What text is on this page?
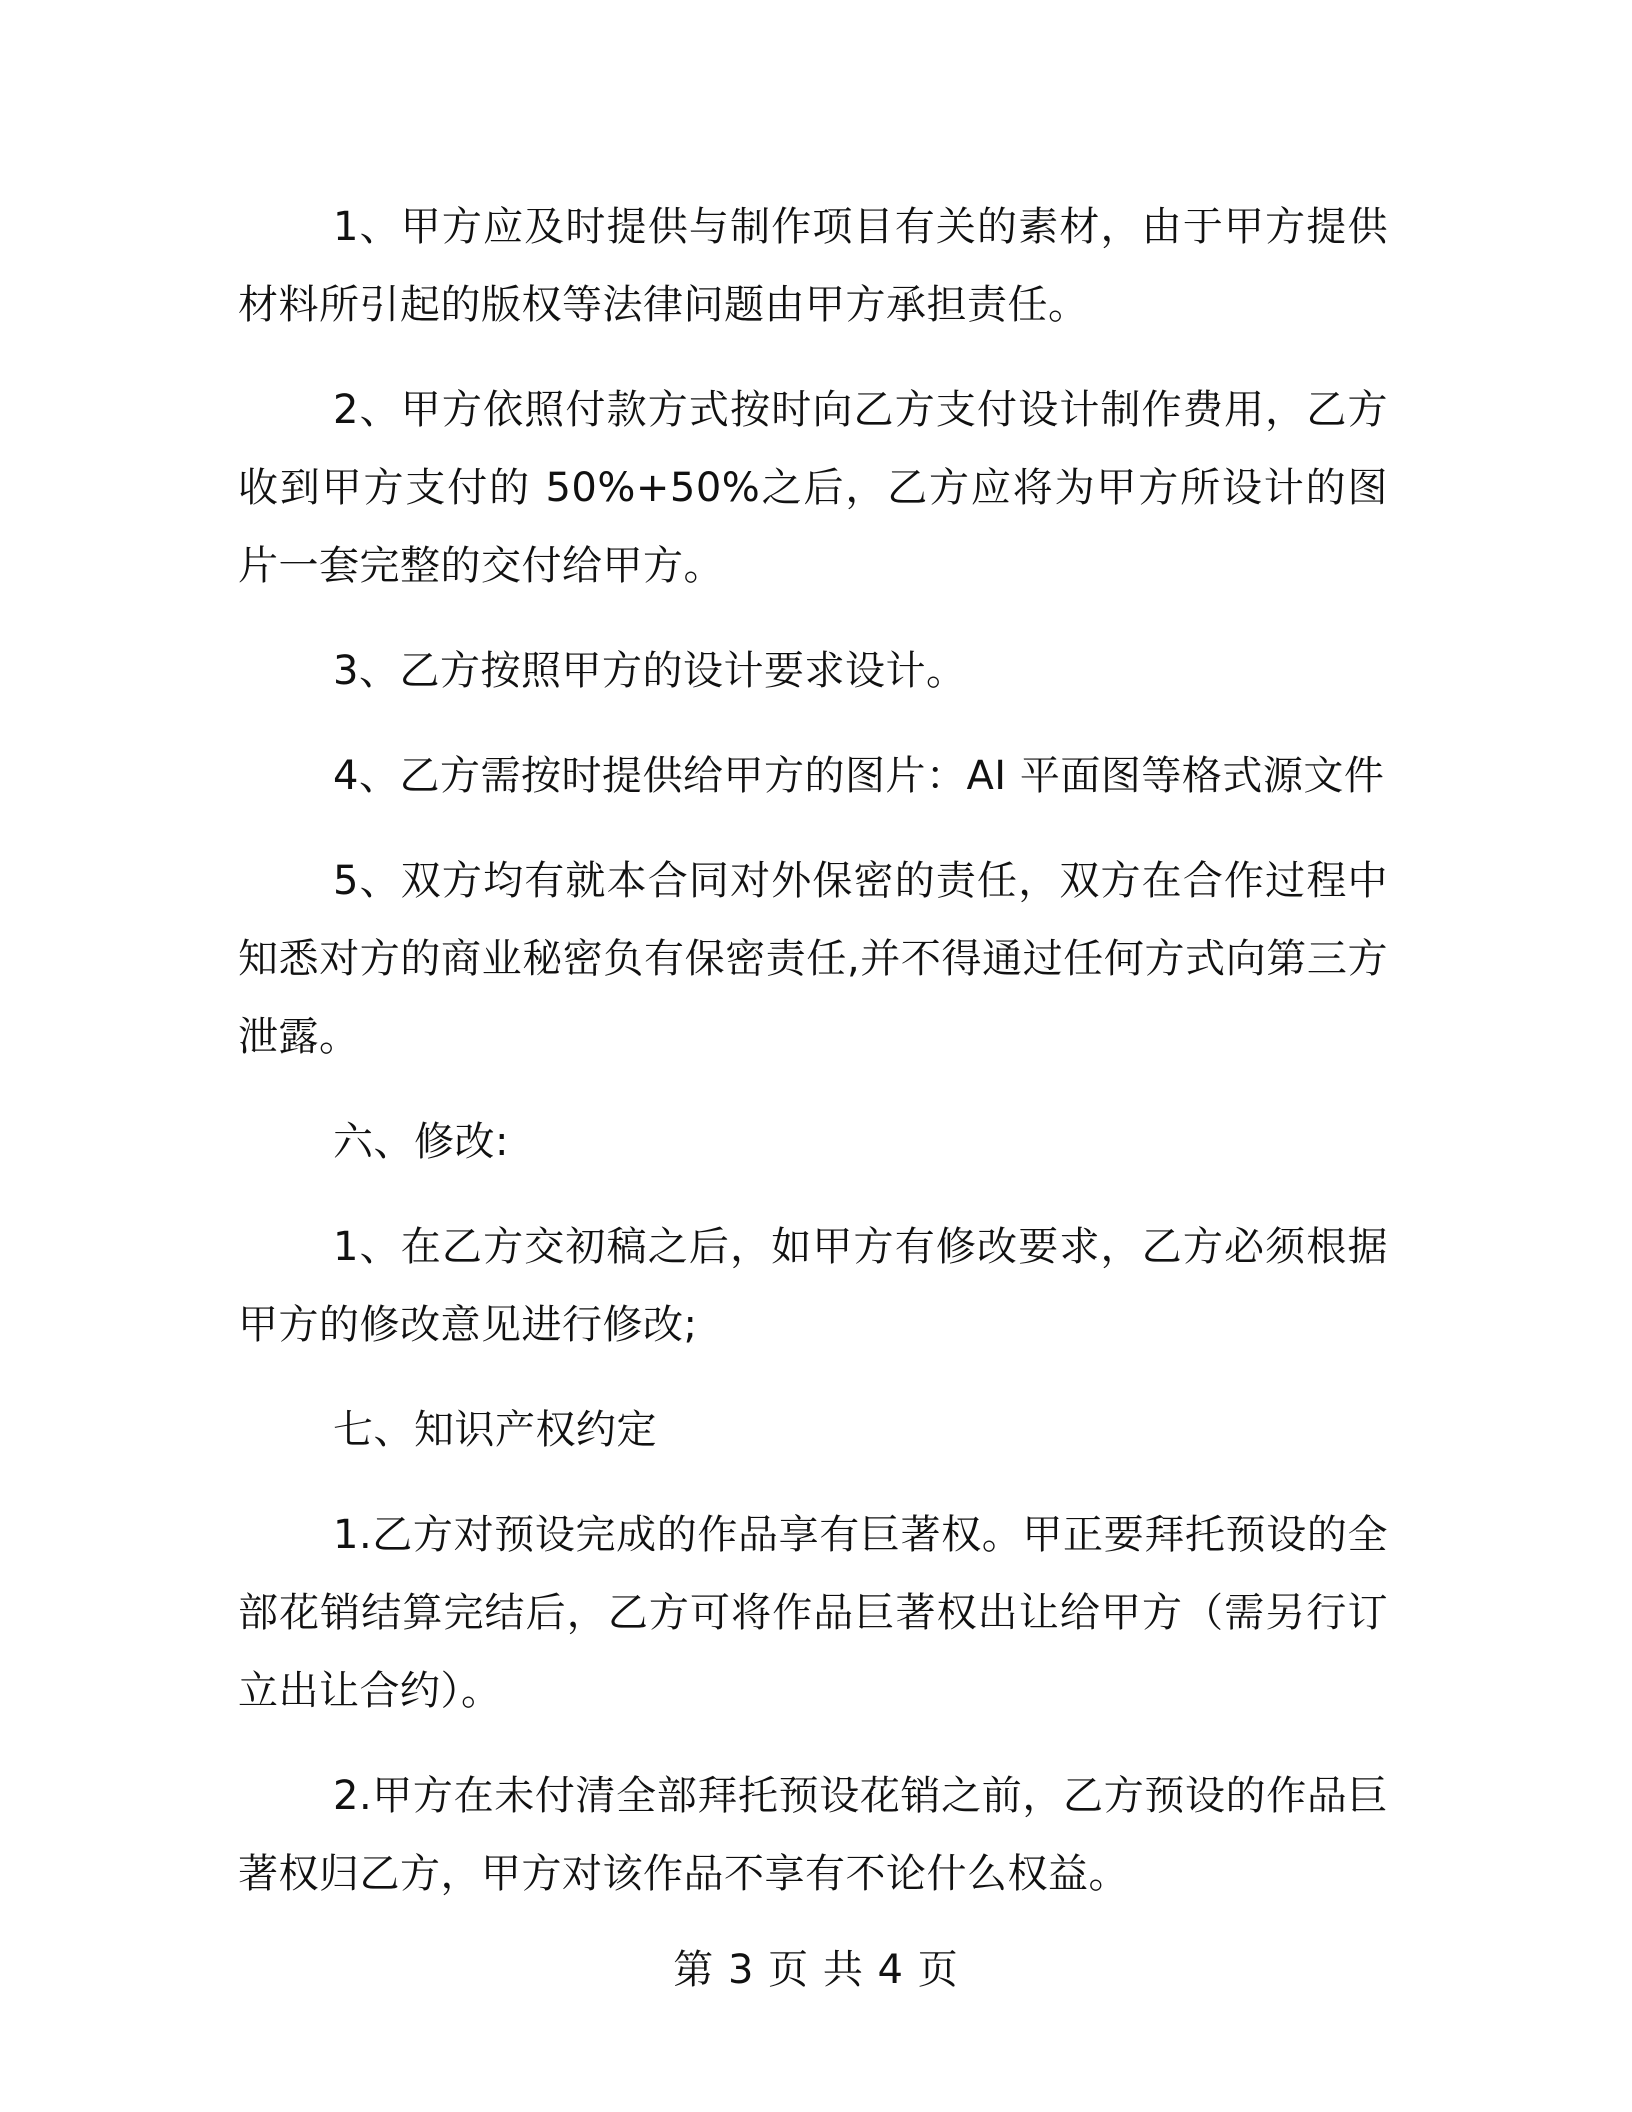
1、甲方应及时提供与制作项目有关的素材，由于甲方提供材料所引起的版权等法律问题由甲方承担责任。

2、甲方依照付款方式按时向乙方支付设计制作费用，乙方收到甲方支付的 50%+50%之后，乙方应将为甲方所设计的图片一套完整的交付给甲方。

3、乙方按照甲方的设计要求设计。

4、乙方需按时提供给甲方的图片：AI 平面图等格式源文件

5、双方均有就本合同对外保密的责任，双方在合作过程中知悉对方的商业秘密负有保密责任,并不得通过任何方式向第三方泄露。

六、修改:

1、在乙方交初稿之后，如甲方有修改要求，乙方必须根据甲方的修改意见进行修改;

七、知识产权约定

1.乙方对预设完成的作品享有巨著权。甲正要拜托预设的全部花销结算完结后，乙方可将作品巨著权出让给甲方（需另行订立出让合约）。

2.甲方在未付清全部拜托预设花销之前，乙方预设的作品巨著权归乙方，甲方对该作品不享有不论什么权益。

第 3 页 共 4 页
